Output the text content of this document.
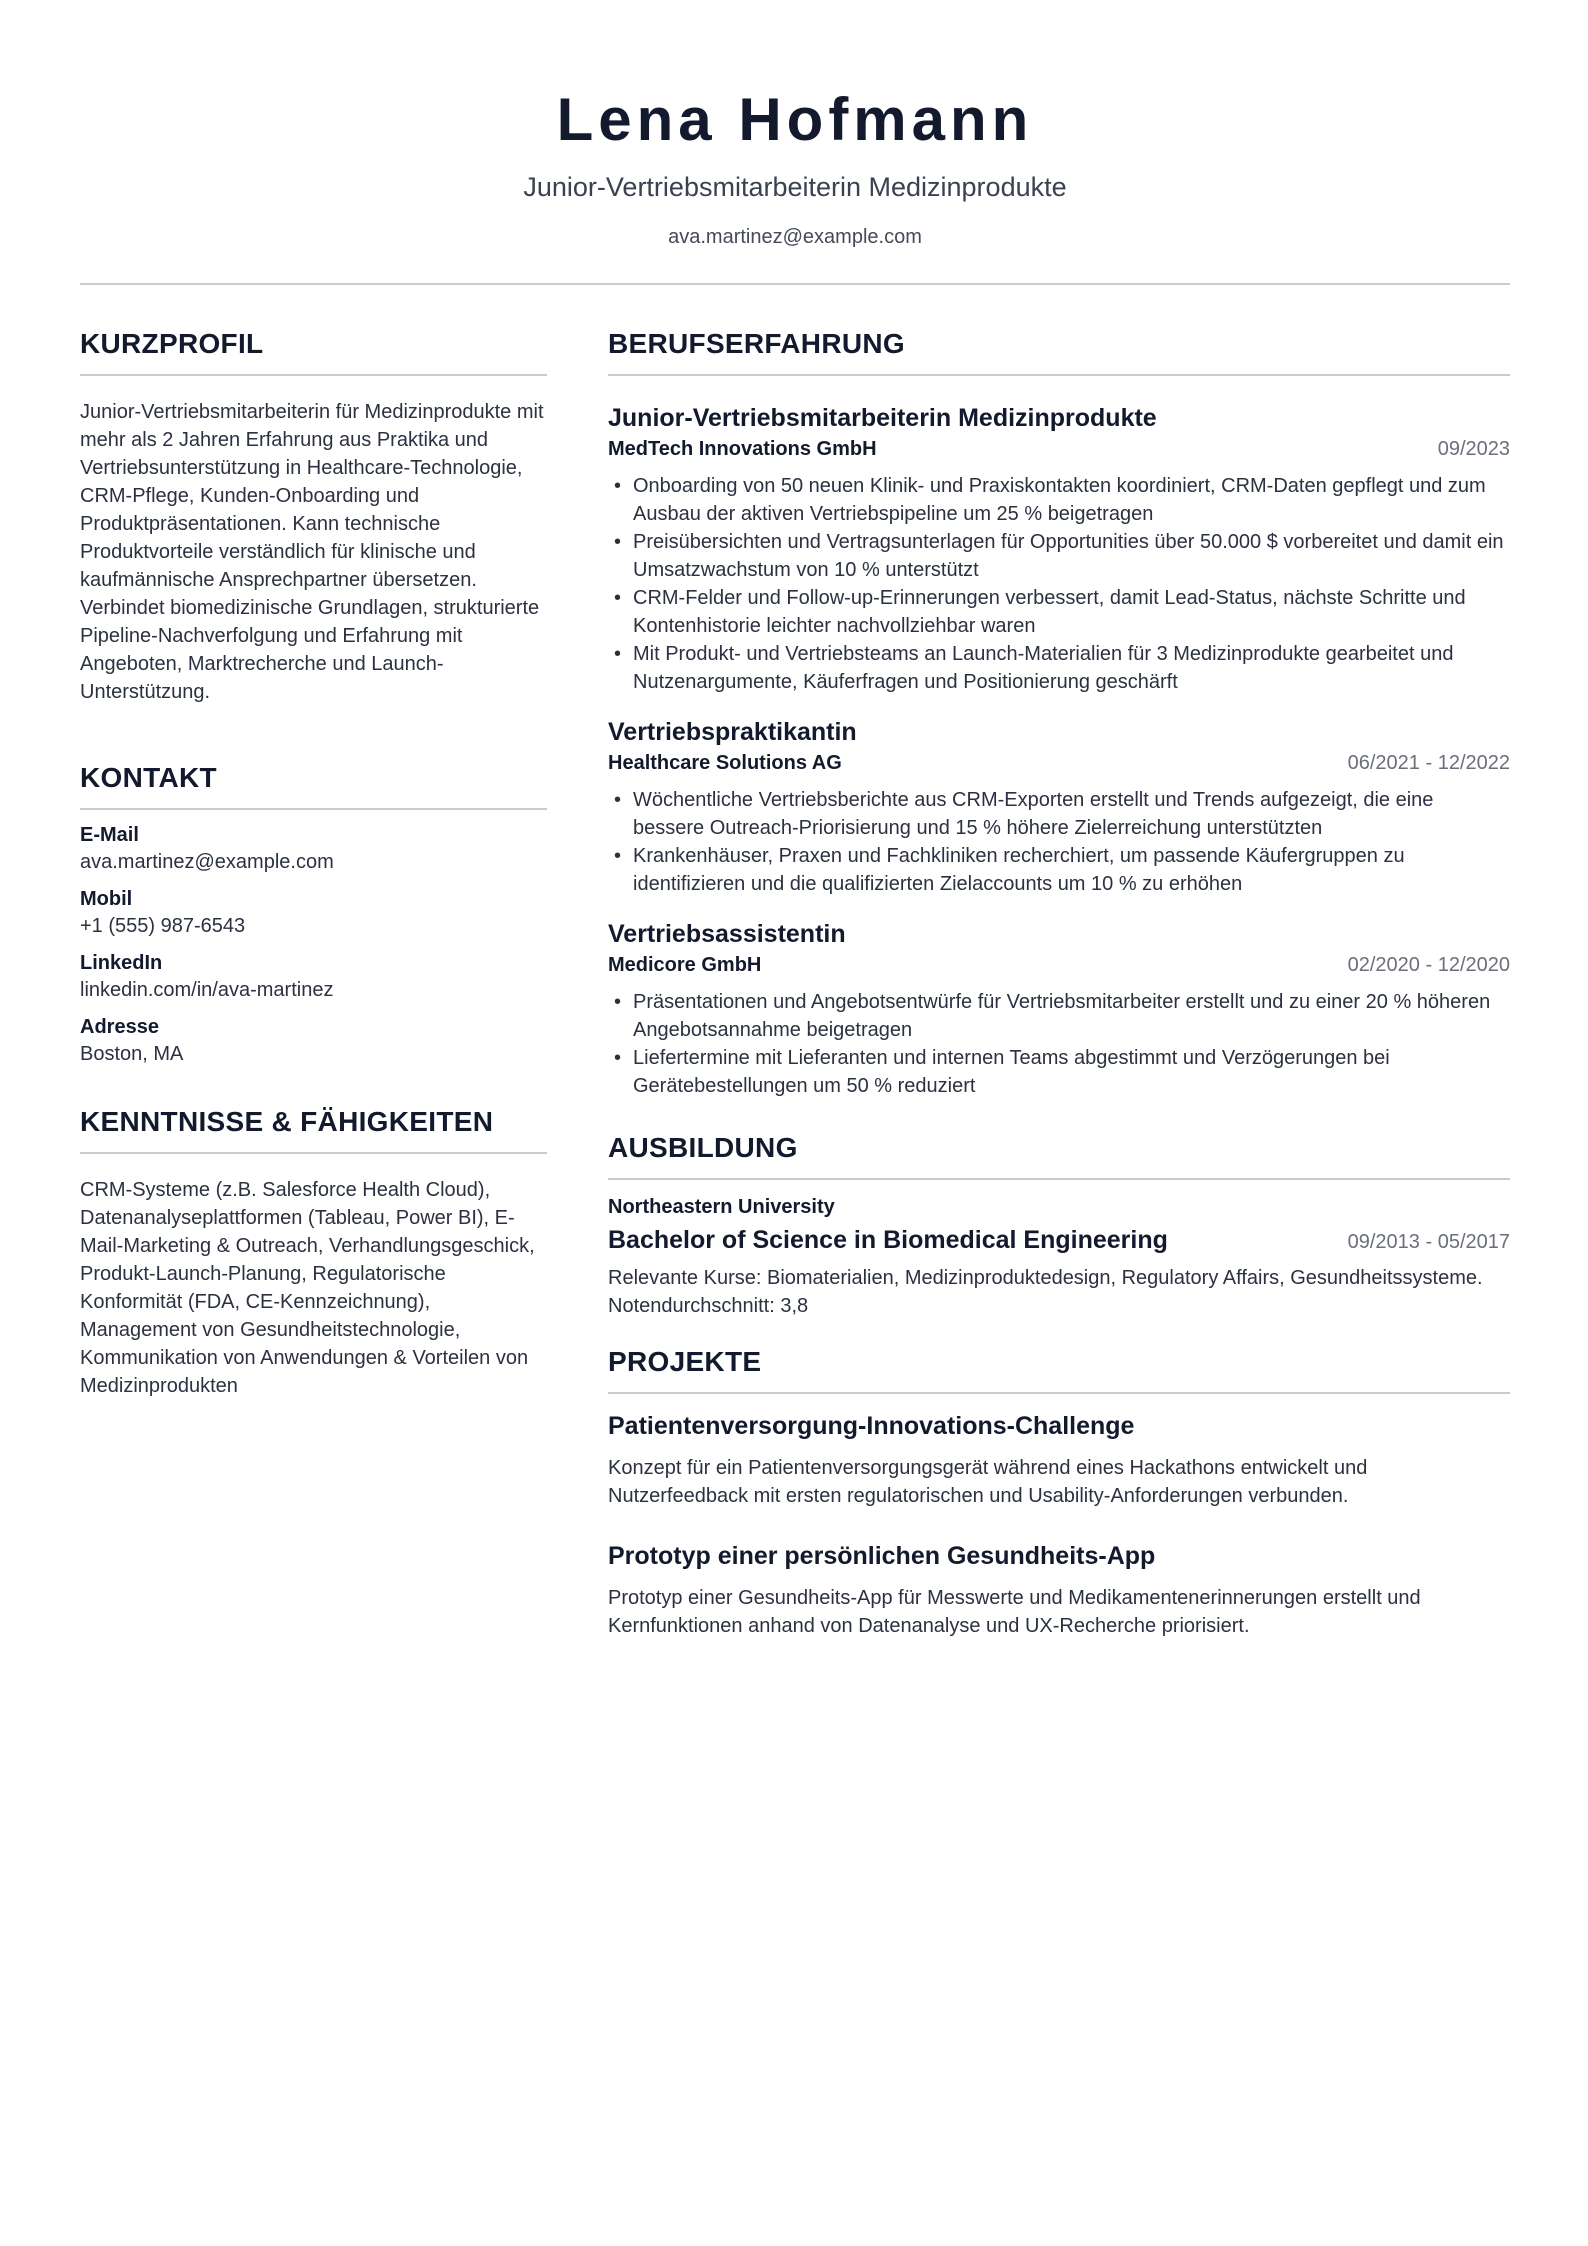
Lena Hofmann
Junior-Vertriebsmitarbeiterin Medizinprodukte
ava.martinez@example.com
KURZPROFIL
Junior-Vertriebsmitarbeiterin für Medizinprodukte mit mehr als 2 Jahren Erfahrung aus Praktika und Vertriebsunterstützung in Healthcare-Technologie, CRM-Pflege, Kunden-Onboarding und Produktpräsentationen. Kann technische Produktvorteile verständlich für klinische und kaufmännische Ansprechpartner übersetzen. Verbindet biomedizinische Grundlagen, strukturierte Pipeline-Nachverfolgung und Erfahrung mit Angeboten, Marktrecherche und Launch-Unterstützung.
KONTAKT
E-Mail
ava.martinez@example.com
Mobil
+1 (555) 987-6543
LinkedIn
linkedin.com/in/ava-martinez
Adresse
Boston, MA
KENNTNISSE & FÄHIGKEITEN
CRM-Systeme (z.B. Salesforce Health Cloud), Datenanalyseplattformen (Tableau, Power BI), E-Mail-Marketing & Outreach, Verhandlungsgeschick, Produkt-Launch-Planung, Regulatorische Konformität (FDA, CE-Kennzeichnung), Management von Gesundheitstechnologie, Kommunikation von Anwendungen & Vorteilen von Medizinprodukten
BERUFSERFAHRUNG
Junior-Vertriebsmitarbeiterin Medizinprodukte
MedTech Innovations GmbH	09/2023
• Onboarding von 50 neuen Klinik- und Praxiskontakten koordiniert, CRM-Daten gepflegt und zum Ausbau der aktiven Vertriebspipeline um 25 % beigetragen
• Preisübersichten und Vertragsunterlagen für Opportunities über 50.000 $ vorbereitet und damit ein Umsatzwachstum von 10 % unterstützt
• CRM-Felder und Follow-up-Erinnerungen verbessert, damit Lead-Status, nächste Schritte und Kontenhistorie leichter nachvollziehbar waren
• Mit Produkt- und Vertriebsteams an Launch-Materialien für 3 Medizinprodukte gearbeitet und Nutzenargumente, Käuferfragen und Positionierung geschärft
Vertriebspraktikantin
Healthcare Solutions AG	06/2021 - 12/2022
• Wöchentliche Vertriebsberichte aus CRM-Exporten erstellt und Trends aufgezeigt, die eine bessere Outreach-Priorisierung und 15 % höhere Zielerreichung unterstützten
• Krankenhäuser, Praxen und Fachkliniken recherchiert, um passende Käufergruppen zu identifizieren und die qualifizierten Zielaccounts um 10 % zu erhöhen
Vertriebsassistentin
Medicore GmbH	02/2020 - 12/2020
• Präsentationen und Angebotsentwürfe für Vertriebsmitarbeiter erstellt und zu einer 20 % höheren Angebotsannahme beigetragen
• Liefertermine mit Lieferanten und internen Teams abgestimmt und Verzögerungen bei Gerätebestellungen um 50 % reduziert
AUSBILDUNG
Northeastern University
Bachelor of Science in Biomedical Engineering	09/2013 - 05/2017
Relevante Kurse: Biomaterialien, Medizinproduktedesign, Regulatory Affairs, Gesundheitssysteme. Notendurchschnitt: 3,8
PROJEKTE
Patientenversorgung-Innovations-Challenge
Konzept für ein Patientenversorgungsgerät während eines Hackathons entwickelt und Nutzerfeedback mit ersten regulatorischen und Usability-Anforderungen verbunden.
Prototyp einer persönlichen Gesundheits-App
Prototyp einer Gesundheits-App für Messwerte und Medikamentenerinnerungen erstellt und Kernfunktionen anhand von Datenanalyse und UX-Recherche priorisiert.
